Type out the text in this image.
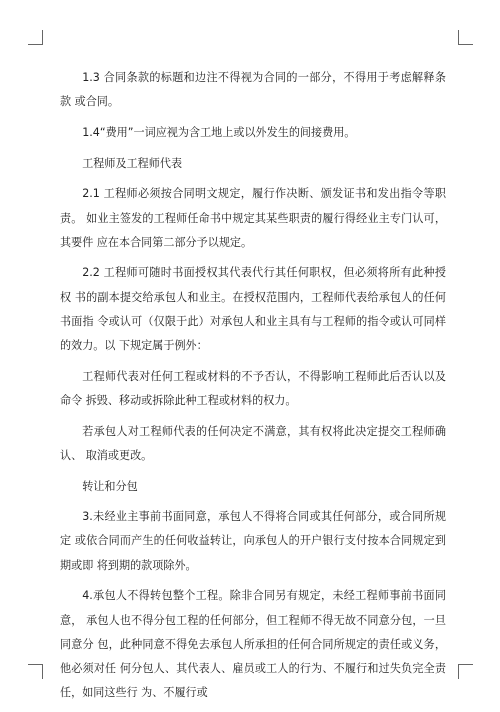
1.3 合同条款的标题和边注不得视为合同的一部分，不得用于考虑解释条款 或合同。

1.4“费用”一词应视为含工地上或以外发生的间接费用。

工程师及工程师代表

2.1 工程师必须按合同明文规定，履行作决断、颁发证书和发出指令等职责。 如业主签发的工程师任命书中规定其某些职责的履行得经业主专门认可，其要件 应在本合同第二部分予以规定。

2.2 工程师可随时书面授权其代表代行其任何职权，但必须将所有此种授权 书的副本提交给承包人和业主。在授权范围内，工程师代表给承包人的任何书面指 令或认可（仅限于此）对承包人和业主具有与工程师的指令或认可同样的效力。以 下规定属于例外：

工程师代表对任何工程或材料的不予否认，不得影响工程师此后否认以及命令 拆毁、移动或拆除此种工程或材料的权力。

若承包人对工程师代表的任何决定不满意，其有权将此决定提交工程师确认、 取消或更改。

转让和分包

3.未经业主事前书面同意，承包人不得将合同或其任何部分，或合同所规定 或依合同而产生的任何收益转让，向承包人的开户银行支付按本合同规定到期或即 将到期的款项除外。

4.承包人不得转包整个工程。除非合同另有规定，未经工程师事前书面同意， 承包人也不得分包工程的任何部分，但工程师不得无故不同意分包，一旦同意分 包，此种同意不得免去承包人所承担的任何合同所规定的责任或义务，他必须对任 何分包人、其代表人、雇员或工人的行为、不履行和过失负完全责任，如同这些行 为、不履行或
